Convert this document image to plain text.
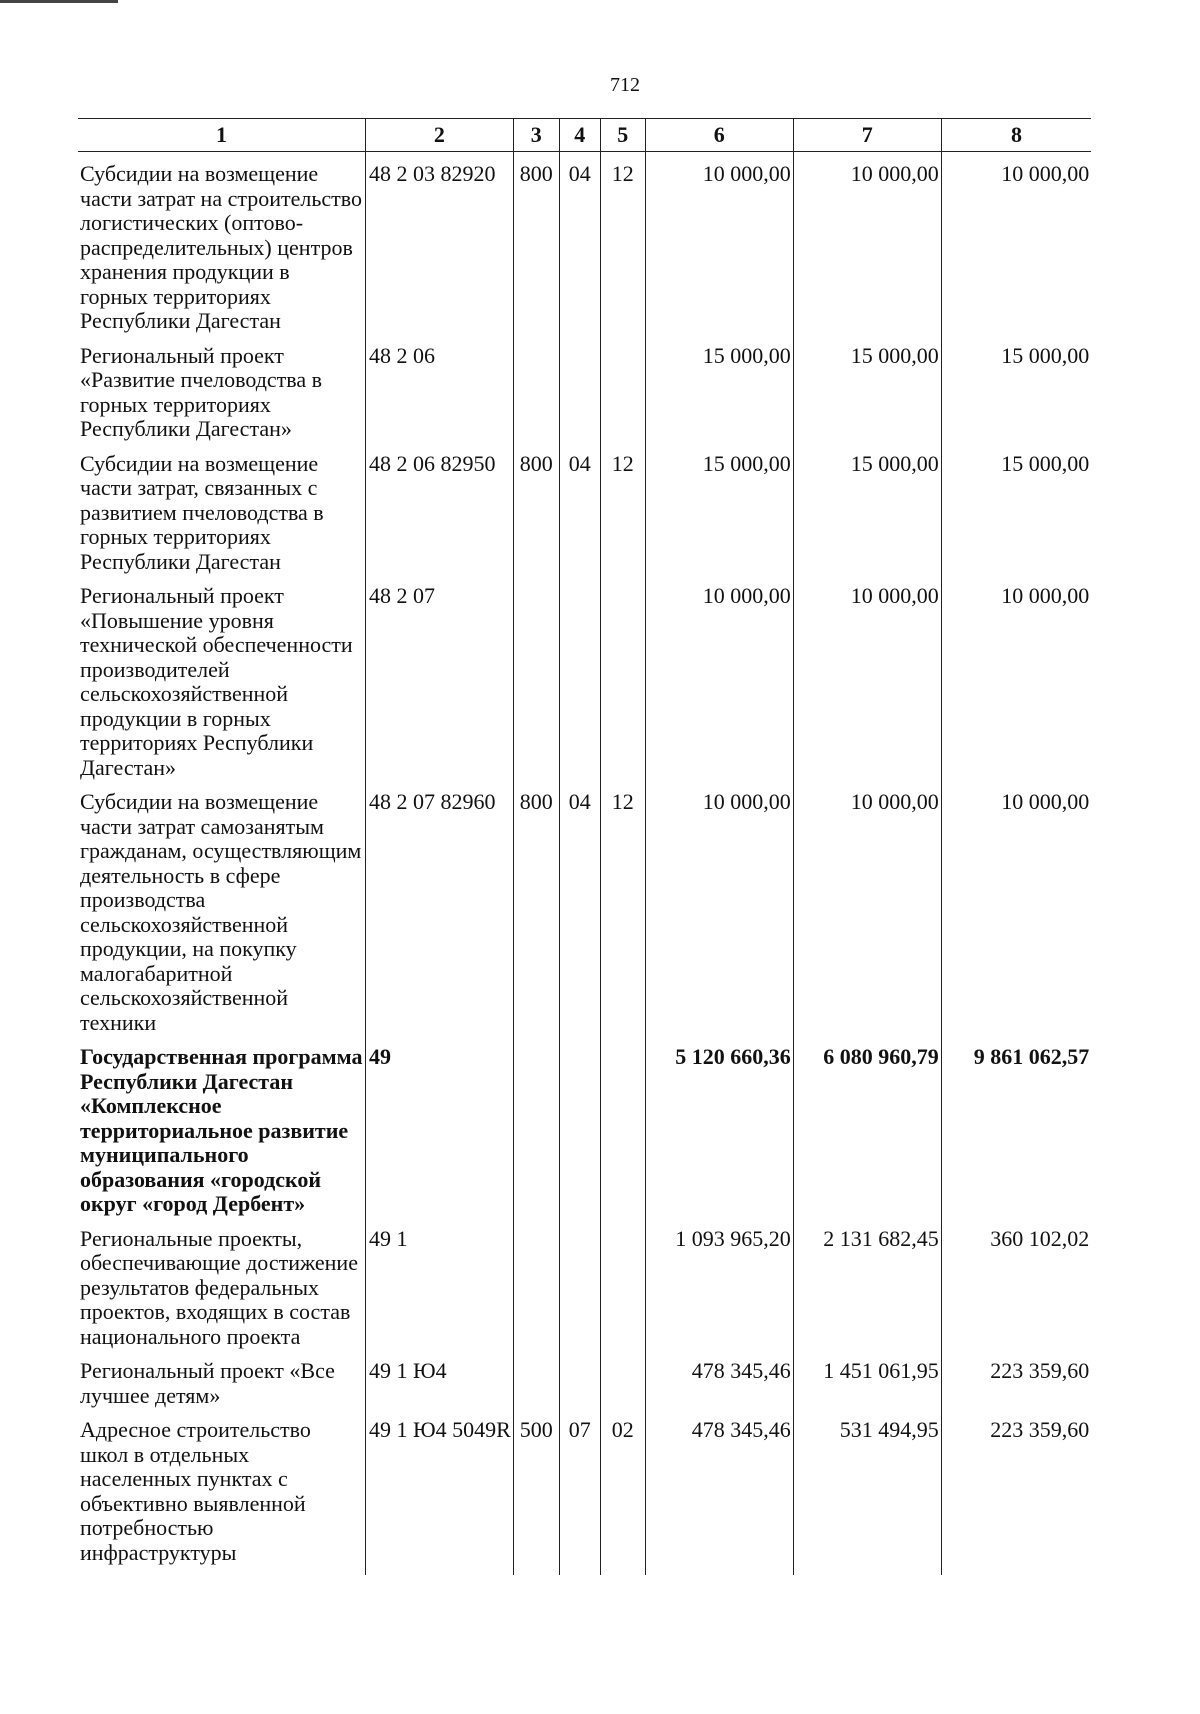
712
1	2	3	4	5	6	7	8

Субсидии на возмещение части затрат на строительство логистических (оптово-распределительных) центров хранения продукции в горных территориях Республики Дагестан	48 2 03 82920	800	04	12	10 000,00	10 000,00	10 000,00

Региональный проект «Развитие пчеловодства в горных территориях Республики Дагестан»	48 2 06				15 000,00	15 000,00	15 000,00

Субсидии на возмещение части затрат, связанных с развитием пчеловодства в горных территориях Республики Дагестан	48 2 06 82950	800	04	12	15 000,00	15 000,00	15 000,00

Региональный проект «Повышение уровня технической обеспеченности производителей сельскохозяйственной продукции в горных территориях Республики Дагестан»	48 2 07				10 000,00	10 000,00	10 000,00

Субсидии на возмещение части затрат самозанятым гражданам, осуществляющим деятельность в сфере производства сельскохозяйственной продукции, на покупку малогабаритной сельскохозяйственной техники	48 2 07 82960	800	04	12	10 000,00	10 000,00	10 000,00

Государственная программа Республики Дагестан «Комплексное территориальное развитие муниципального образования «городской округ «город Дербент»	49				5 120 660,36	6 080 960,79	9 861 062,57

Региональные проекты, обеспечивающие достижение результатов федеральных проектов, входящих в состав национального проекта	49 1				1 093 965,20	2 131 682,45	360 102,02

Региональный проект «Все лучшее детям»	49 1 Ю4				478 345,46	1 451 061,95	223 359,60

Адресное строительство школ в отдельных населенных пунктах с объективно выявленной потребностью инфраструктуры	49 1 Ю4 5049R	500	07	02	478 345,46	531 494,95	223 359,60
